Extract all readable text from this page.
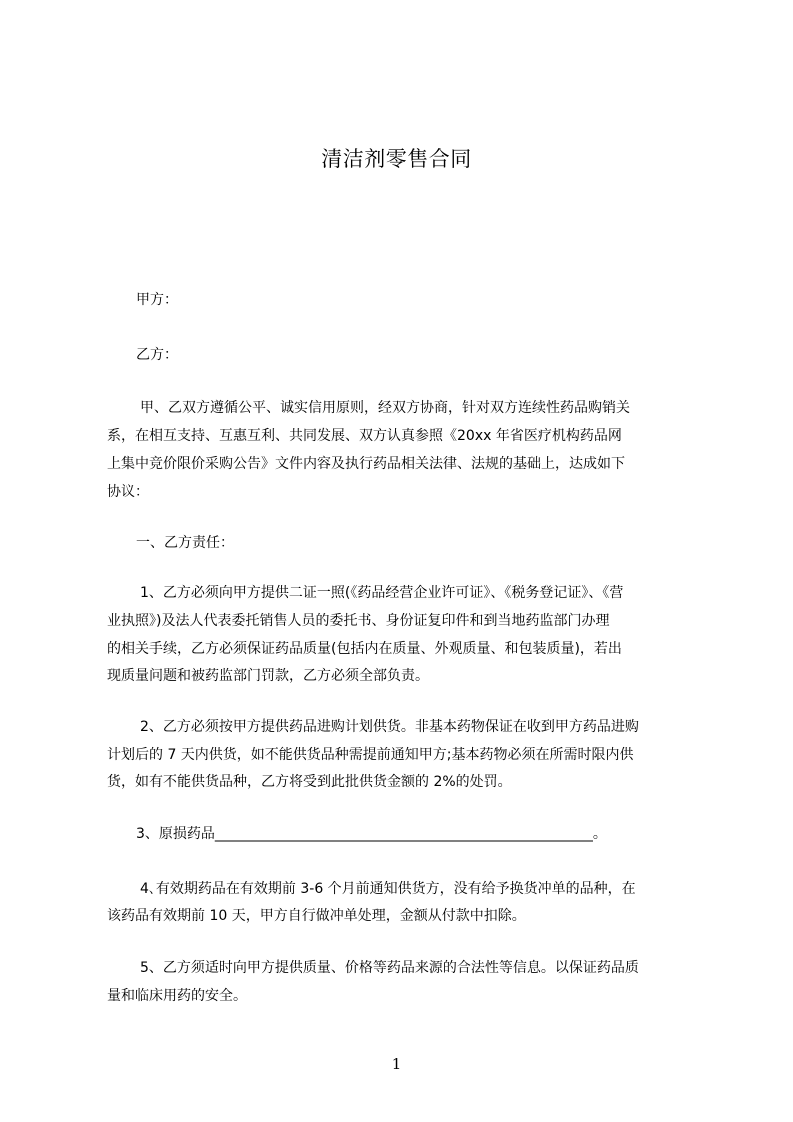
清洁剂零售合同
甲方：
乙方：
甲、乙双方遵循公平、诚实信用原则，经双方协商，针对双方连续性药品购销关
系，在相互支持、互惠互利、共同发展、双方认真参照《20xx 年省医疗机构药品网
上集中竞价限价采购公告》文件内容及执行药品相关法律、法规的基础上，达成如下
协议：
一、乙方责任：
1、乙方必须向甲方提供二证一照(《药品经营企业许可证》、《税务登记证》、《营
业执照》)及法人代表委托销售人员的委托书、身份证复印件和到当地药监部门办理
的相关手续，乙方必须保证药品质量(包括内在质量、外观质量、和包装质量)，若出
现质量问题和被药监部门罚款，乙方必须全部负责。
2、乙方必须按甲方提供药品进购计划供货。非基本药物保证在收到甲方药品进购
计划后的 7 天内供货，如不能供货品种需提前通知甲方;基本药物必须在所需时限内供
货，如有不能供货品种，乙方将受到此批供货金额的 2%的处罚。
3、原损药品______________________________________________________。
4､有效期药品在有效期前 3-6 个月前通知供货方，没有给予换货冲单的品种，在
该药品有效期前 10 天，甲方自行做冲单处理，金额从付款中扣除。
5、乙方须适时向甲方提供质量、价格等药品来源的合法性等信息。以保证药品质
量和临床用药的安全。
1
